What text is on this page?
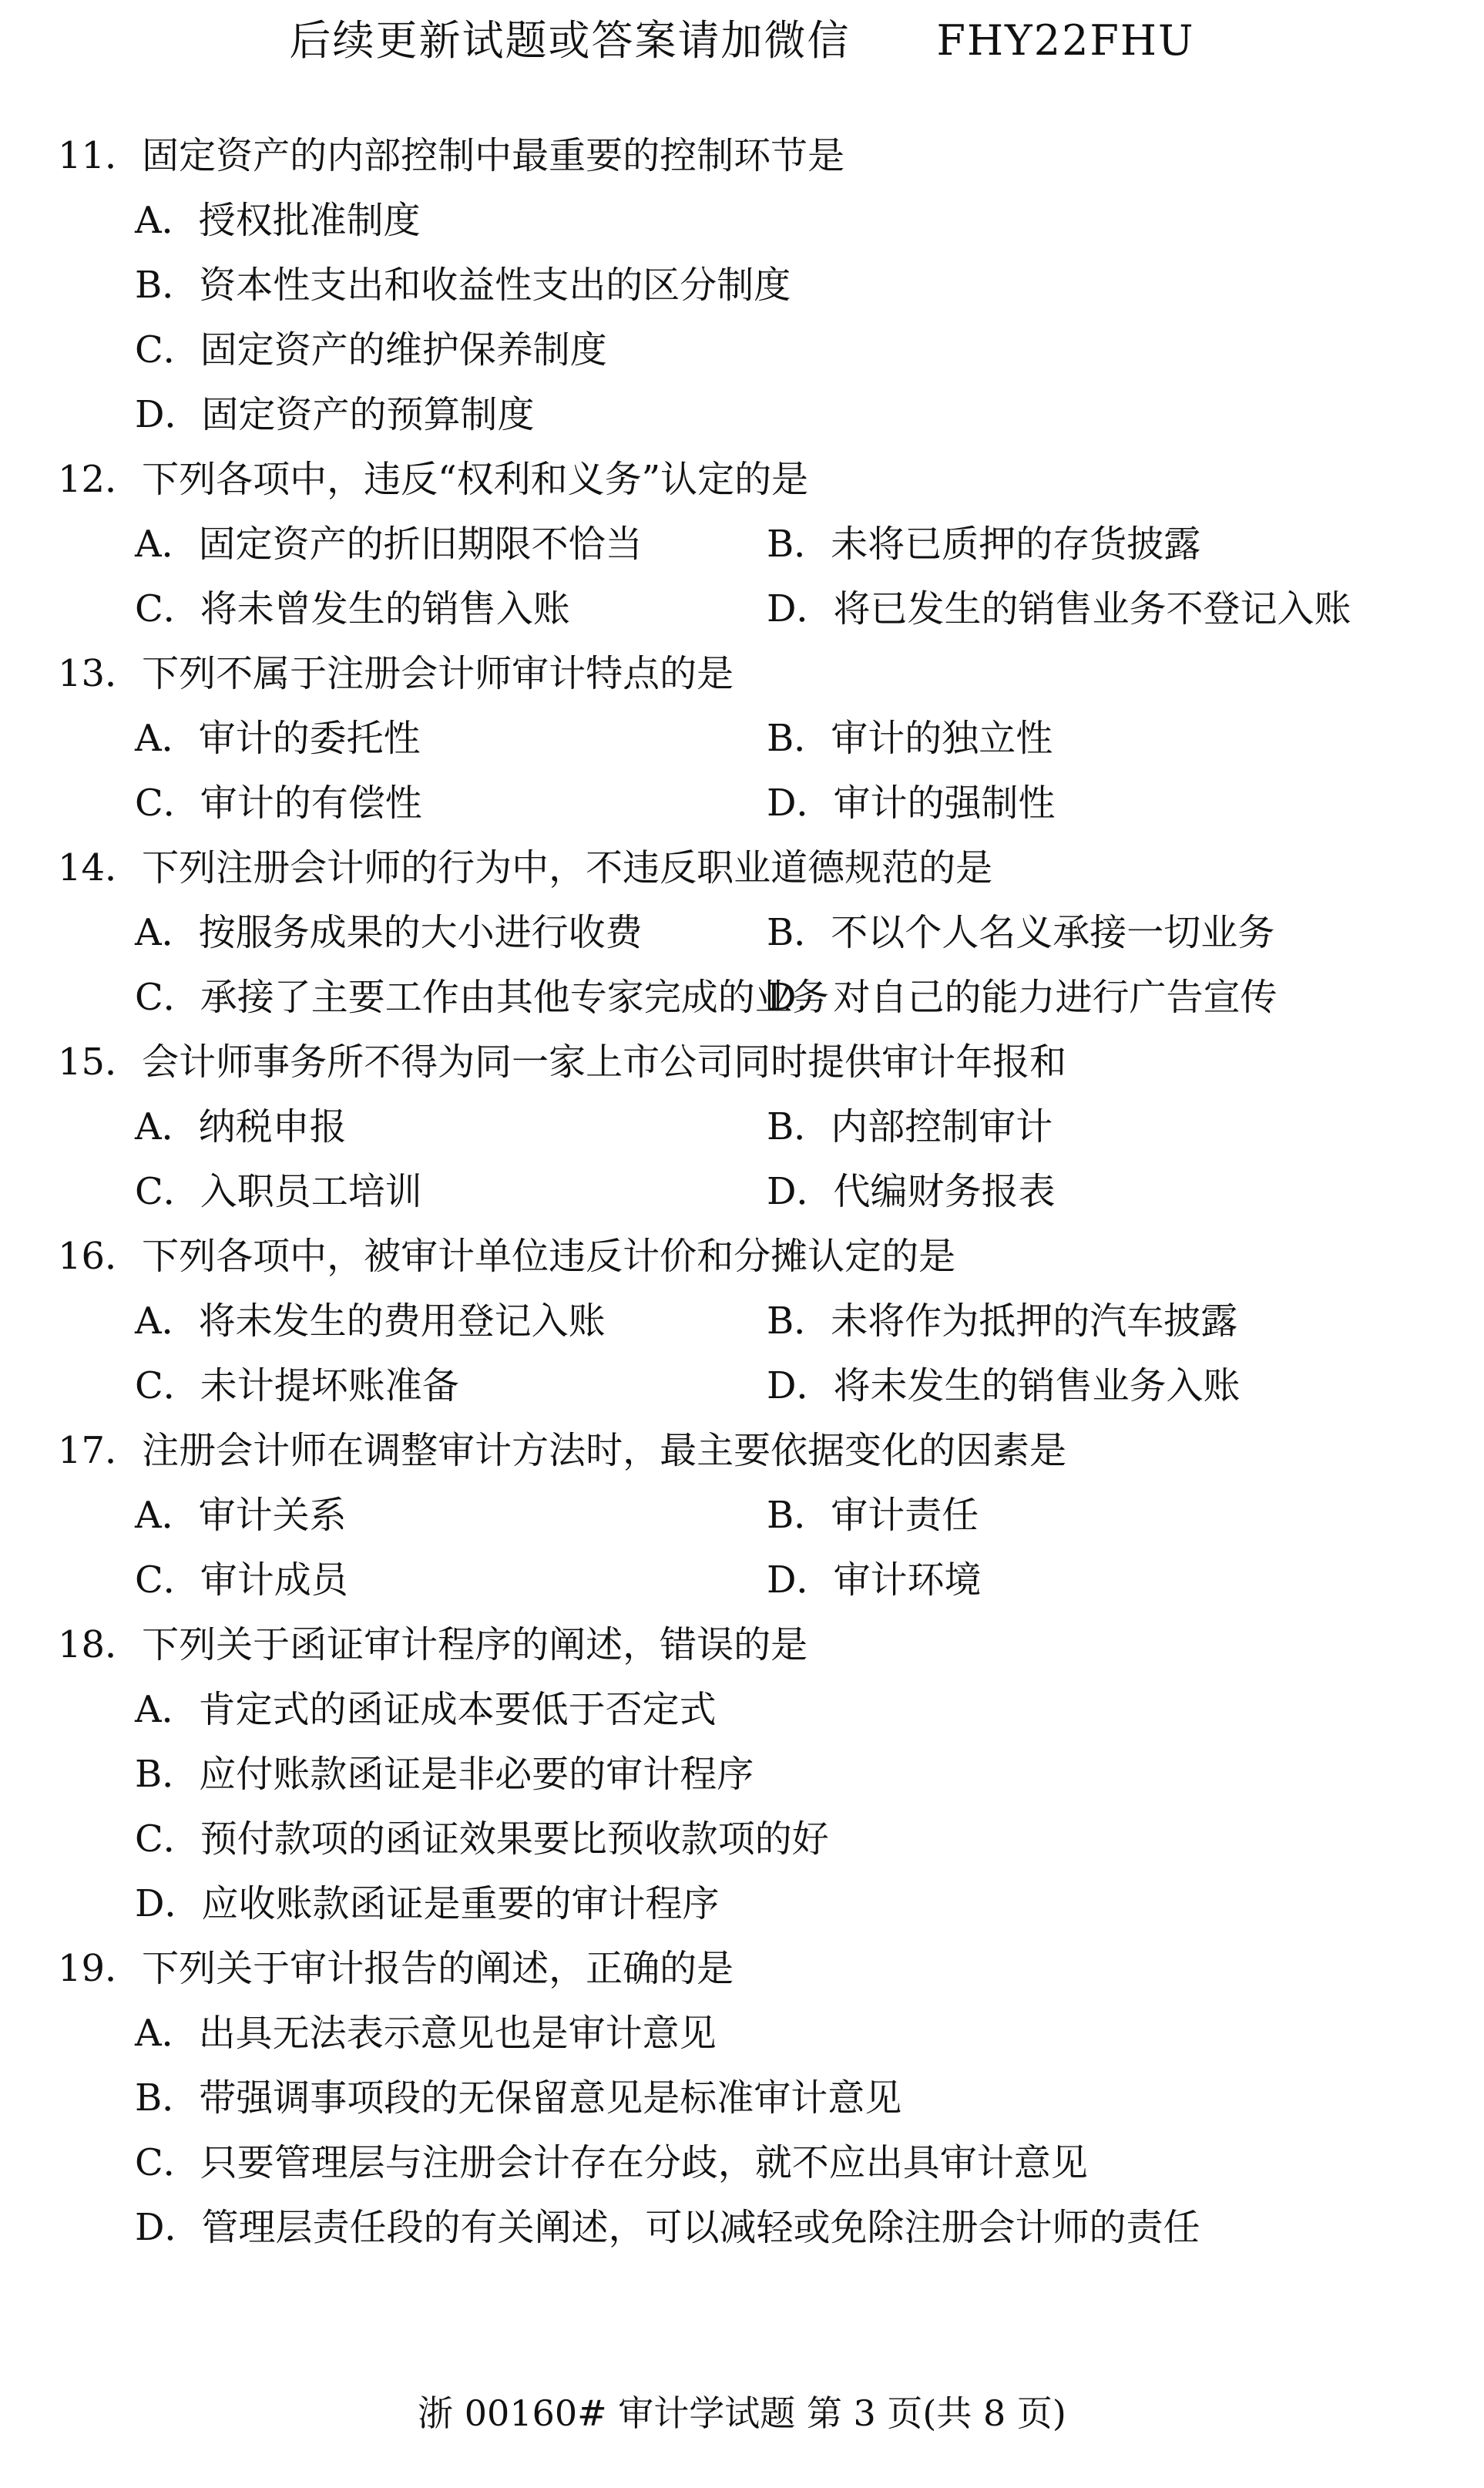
后续更新试题或答案请加微信　　FHY22FHU
11．固定资产的内部控制中最重要的控制环节是
A．授权批准制度
B．资本性支出和收益性支出的区分制度
C．固定资产的维护保养制度
D．固定资产的预算制度
12．下列各项中，违反“权利和义务”认定的是
A．固定资产的折旧期限不恰当	B．未将已质押的存货披露
C．将未曾发生的销售入账	D．将已发生的销售业务不登记入账
13．下列不属于注册会计师审计特点的是
A．审计的委托性	B．审计的独立性
C．审计的有偿性	D．审计的强制性
14．下列注册会计师的行为中，不违反职业道德规范的是
A．按服务成果的大小进行收费	B．不以个人名义承接一切业务
C．承接了主要工作由其他专家完成的业务
D．对自己的能力进行广告宣传
15．会计师事务所不得为同一家上市公司同时提供审计年报和
A．纳税申报	B．内部控制审计
C．入职员工培训	D．代编财务报表
16．下列各项中，被审计单位违反计价和分摊认定的是
A．将未发生的费用登记入账	B．未将作为抵押的汽车披露
C．未计提坏账准备	D．将未发生的销售业务入账
17．注册会计师在调整审计方法时，最主要依据变化的因素是
A．审计关系	B．审计责任
C．审计成员	D．审计环境
18．下列关于函证审计程序的阐述，错误的是
A．肯定式的函证成本要低于否定式
B．应付账款函证是非必要的审计程序
C．预付款项的函证效果要比预收款项的好
D．应收账款函证是重要的审计程序
19．下列关于审计报告的阐述，正确的是
A．出具无法表示意见也是审计意见
B．带强调事项段的无保留意见是标准审计意见
C．只要管理层与注册会计存在分歧，就不应出具审计意见
D．管理层责任段的有关阐述，可以减轻或免除注册会计师的责任
浙 00160# 审计学试题 第 3 页(共 8 页)
